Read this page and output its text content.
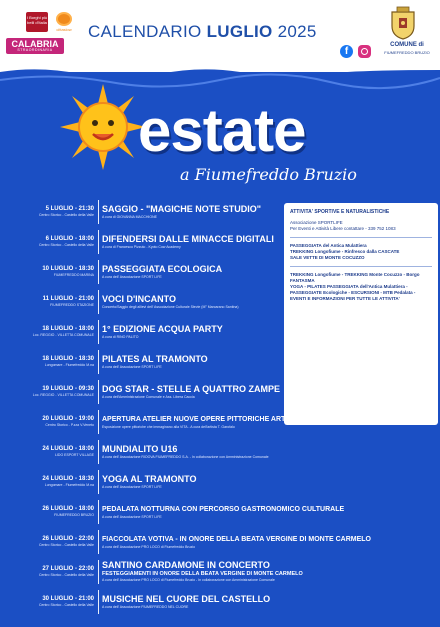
I Borghi più belli d'Italia
cittaslow
CALABRIA
STRAORDINARIA
CALENDARIO LUGLIO 2025
f
COMUNE di
FIUMEFREDDO BRUZIO
estate
a Fiumefreddo Bruzio
ATTIVITA' SPORTIVE E NATURALISTICHE
Associazione SPORTLIFE
Per Eventi e Attività Libere contattare - 339 752 1083
PASSEGGIATA del Antica Mulattiera
TREKKING Longofiume - Rinfresco dalla CASCATE
SALE VETTE DI MONTE COCUZZO
TREKKING Longofiume - TREKKING Monte Cocuzzo - Borgo FANTASMA
YOGA - PILATES PASSEGGIATA dell'Antica Mulattiera - PASSEGGIATE Ecologiche - ESCURSIONI - MTB Pedalata - EVENTI E INFORMAZIONI PER TUTTE LE ATTIVITA'
5 LUGLIO - 21:30
Centro Storico - Castello della Valle
SAGGIO - "MAGICHE NOTE STUDIO"
A cura di GIOVANNA MACCHIONE
6 LUGLIO - 18:00
Centro Storico - Castello della Valle
DIFENDERSI DALLE MINACCE DIGITALI
A cura di Francesco Pizzuto - Kyoto Cow Academy
10 LUGLIO - 18:30
FIUMEFREDDO MARINA
PASSEGGIATA ECOLOGICA
A cura dell' Associazione SPORT LIFE
11 LUGLIO - 21:00
FIUMEFREDDO STAZIONE
VOCI D'INCANTO
Concerto/Saggio degli allievi dell' Associazione Culturale Stevie (M° Marcarano Santina)
18 LUGLIO - 18:00
Loc. REGGIO - VILLETTA COMUNALE
1° EDIZIONE ACQUA PARTY
A cura di RINO PALITO
18 LUGLIO - 18:30
Lungomare - Fiumefreddo M.na
PILATES AL TRAMONTO
A cura dell' Associazione SPORT LIFE
19 LUGLIO - 09:30
Loc. REGGIO - VILLETTA COMUNALE
DOG STAR - STELLE A QUATTRO ZAMPE
A cura dell'Amministrazione Comunale e Ass. Libera Caccia
20 LUGLIO - 19:00
Centro Storico - P.zza V.Veneto
APERTURA ATELIER NUOVE OPERE PITTORICHE ARTISTA T.GAROFALO
Esposizione opere pittoriche che immaginano alla VITA - A cura dell'artista T. Garofalo
24 LUGLIO - 18:00
LIDO ESPORT VILLAGE
MUNDIALITO U16
A cura dell' Associazione RIOOVA FIUMEFREDDO S.A. - In collaborazione con Amministrazione Comunale
24 LUGLIO - 18:30
Lungomare - Fiumefreddo M.na
YOGA AL TRAMONTO
A cura dell' Associazione SPORT LIFE
26 LUGLIO - 18:00
FIUMEFREDDO BRUZIO
PEDALATA NOTTURNA CON PERCORSO GASTRONOMICO CULTURALE
A cura dell' Associazione SPORT LIFE
26 LUGLIO - 22:00
Centro Storico - Castello della Valle
FIACCOLATA VOTIVA - IN ONORE DELLA BEATA VERGINE DI MONTE CARMELO
A cura dell' Associazione PRO LOCO di Fiumefreddo Bruzio
27 LUGLIO - 22:00
Centro Storico - Castello della Valle
SANTINO CARDAMONE IN CONCERTO
FESTEGGIAMENTI IN ONORE DELLA BEATA VERGINE DI MONTE CARMELO
A cura dell' Associazione PRO LOCO di Fiumefreddo Bruzio - In collaborazione con Amministrazione Comunale
30 LUGLIO - 21:00
Centro Storico - Castello della Valle
MUSICHE NEL CUORE DEL CASTELLO
A cura dell' Associazione FIUMEFREDDO NEL CUORE
